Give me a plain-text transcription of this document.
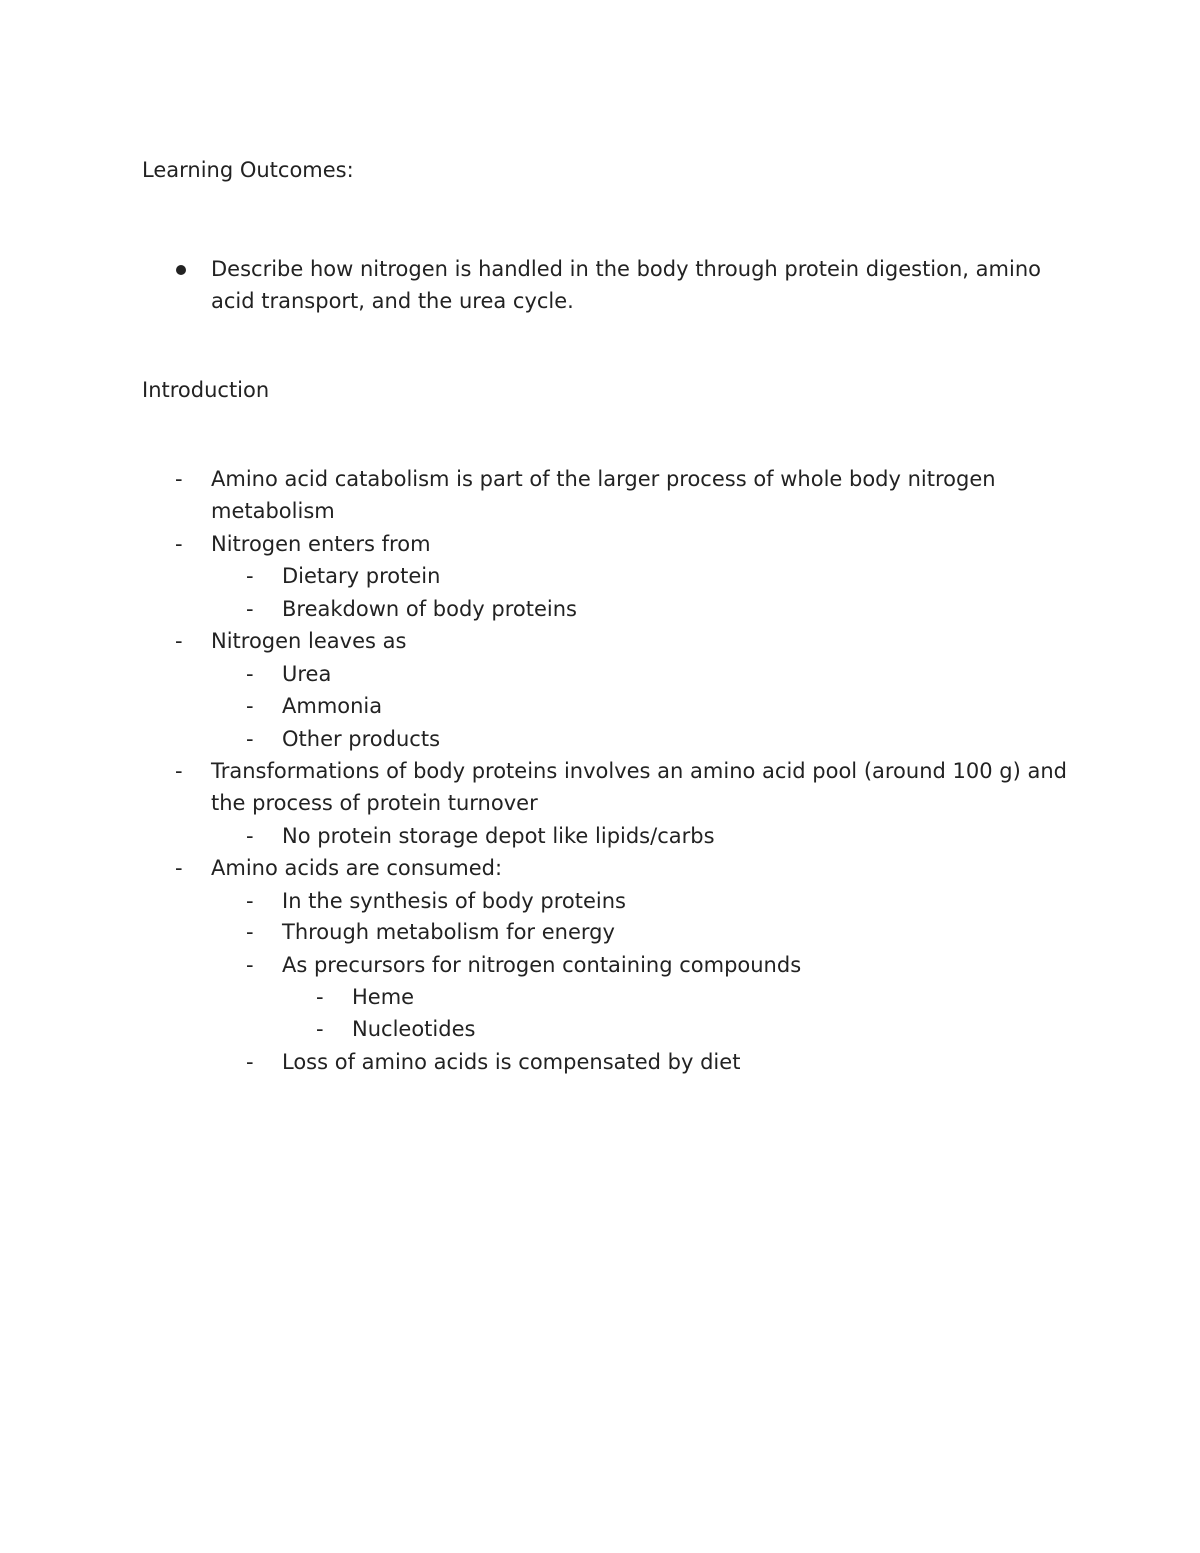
Learning Outcomes:
Describe how nitrogen is handled in the body through protein digestion, amino acid transport, and the urea cycle.
Introduction
-	Amino acid catabolism is part of the larger process of whole body nitrogen metabolism
-	Nitrogen enters from
-	Dietary protein
-	Breakdown of body proteins
-	Nitrogen leaves as
-	Urea
-	Ammonia
-	Other products
-	Transformations of body proteins involves an amino acid pool (around 100 g) and the process of protein turnover
-	No protein storage depot like lipids/carbs
-	Amino acids are consumed:
-	In the synthesis of body proteins
-	Through metabolism for energy
-	As precursors for nitrogen containing compounds
-	Heme
-	Nucleotides
-	Loss of amino acids is compensated by diet
